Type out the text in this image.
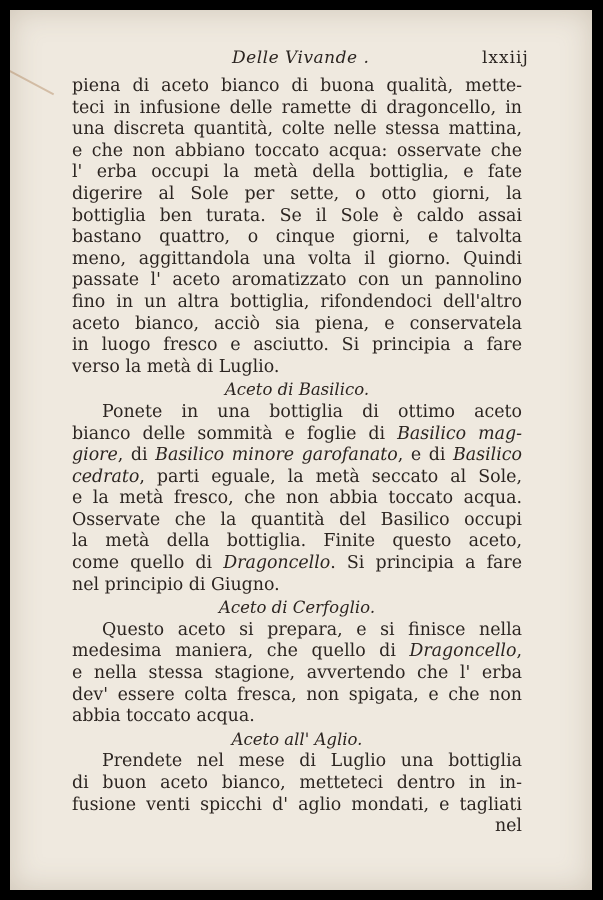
Delle Vivande .	lxxiij
piena di aceto bianco di buona qualità, mette-
teci in infusione delle ramette di dragoncello, in
una discreta quantità, colte nelle stessa mattina,
e che non abbiano toccato acqua: osservate che
l' erba occupi la metà della bottiglia, e fate
digerire al Sole per sette, o otto giorni, la
bottiglia ben turata. Se il Sole è caldo assai
bastano quattro, o cinque giorni, e talvolta
meno, aggittandola una volta il giorno. Quindi
passate l' aceto aromatizzato con un pannolino
fino in un altra bottiglia, rifondendoci dell'altro
aceto bianco, acciò sia piena, e conservatela
in luogo fresco e asciutto. Si principia a fare
verso la metà di Luglio.
Aceto di Basilico.
Ponete in una bottiglia di ottimo aceto
bianco delle sommità e foglie di Basilico mag-
giore, di Basilico minore garofanato, e di Basilico
cedrato, parti eguale, la metà seccato al Sole,
e la metà fresco, che non abbia toccato acqua.
Osservate che la quantità del Basilico occupi
la metà della bottiglia. Finite questo aceto,
come quello di Dragoncello. Si principia a fare
nel principio di Giugno.
Aceto di Cerfoglio.
Questo aceto si prepara, e si finisce nella
medesima maniera, che quello di Dragoncello,
e nella stessa stagione, avvertendo che l' erba
dev' essere colta fresca, non spigata, e che non
abbia toccato acqua.
Aceto all' Aglio.
Prendete nel mese di Luglio una bottiglia
di buon aceto bianco, metteteci dentro in in-
fusione venti spicchi d' aglio mondati, e tagliati
nel
